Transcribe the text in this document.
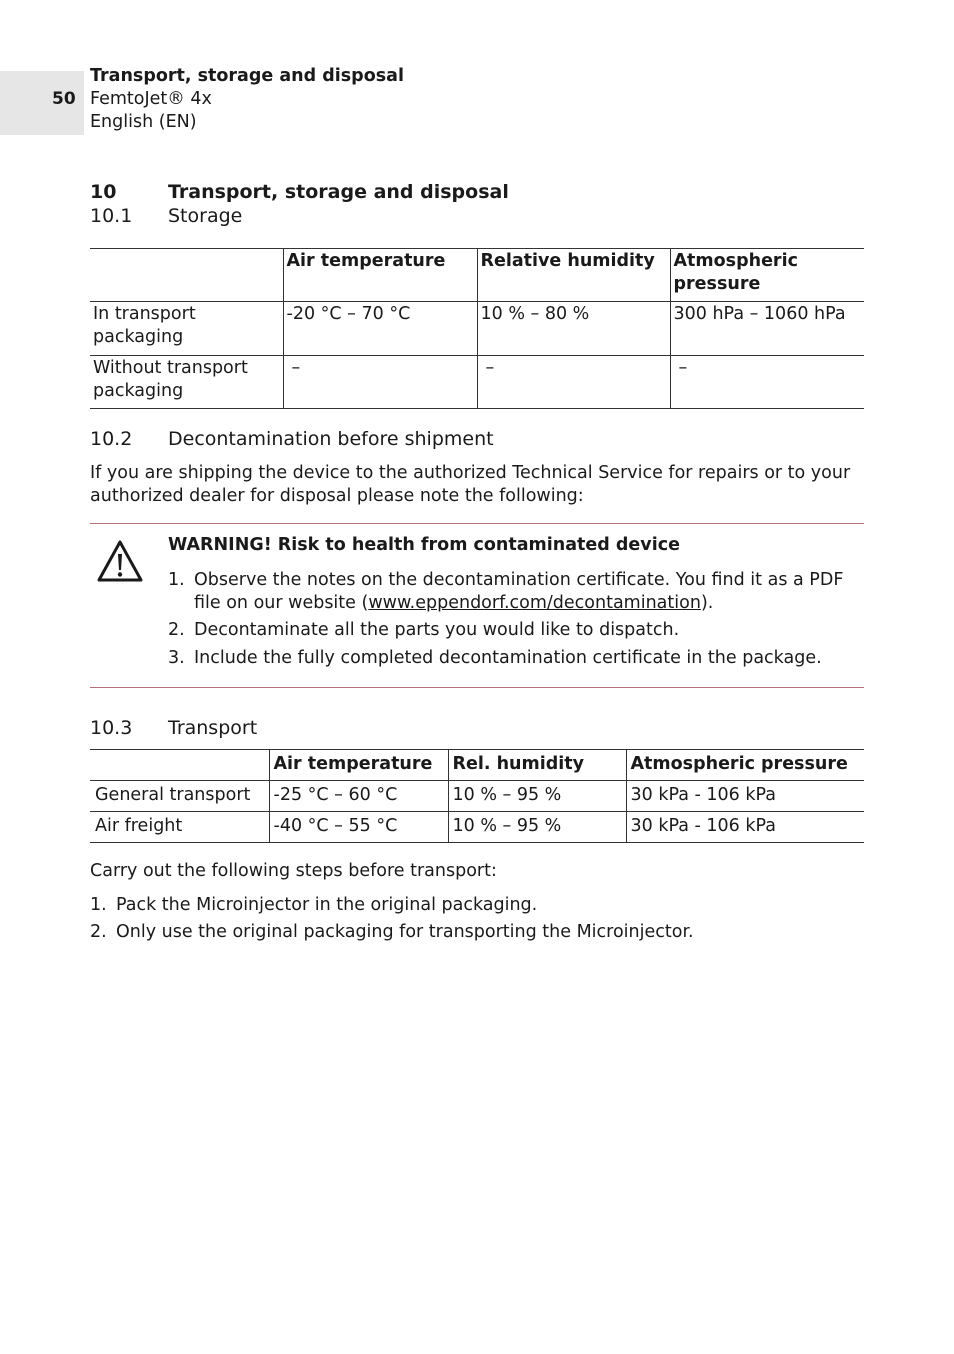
50
Transport, storage and disposal
FemtoJet® 4x
English (EN)
10	Transport, storage and disposal
10.1 Storage
	Air temperature	Relative humidity	Atmospheric pressure
In transport packaging	-20 °C – 70 °C	10 % – 80 %	300 hPa – 1060 hPa
Without transport packaging	–	–	–
10.2 Decontamination before shipment
If you are shipping the device to the authorized Technical Service for repairs or to your authorized dealer for disposal please note the following:
WARNING! Risk to health from contaminated device
1. Observe the notes on the decontamination certificate. You find it as a PDF file on our website (www.eppendorf.com/decontamination).
2. Decontaminate all the parts you would like to dispatch.
3. Include the fully completed decontamination certificate in the package.
10.3 Transport
	Air temperature	Rel. humidity	Atmospheric pressure
General transport	-25 °C – 60 °C	10 % – 95 %	30 kPa - 106 kPa
Air freight	-40 °C – 55 °C	10 % – 95 %	30 kPa - 106 kPa
Carry out the following steps before transport:
1. Pack the Microinjector in the original packaging.
2. Only use the original packaging for transporting the Microinjector.
